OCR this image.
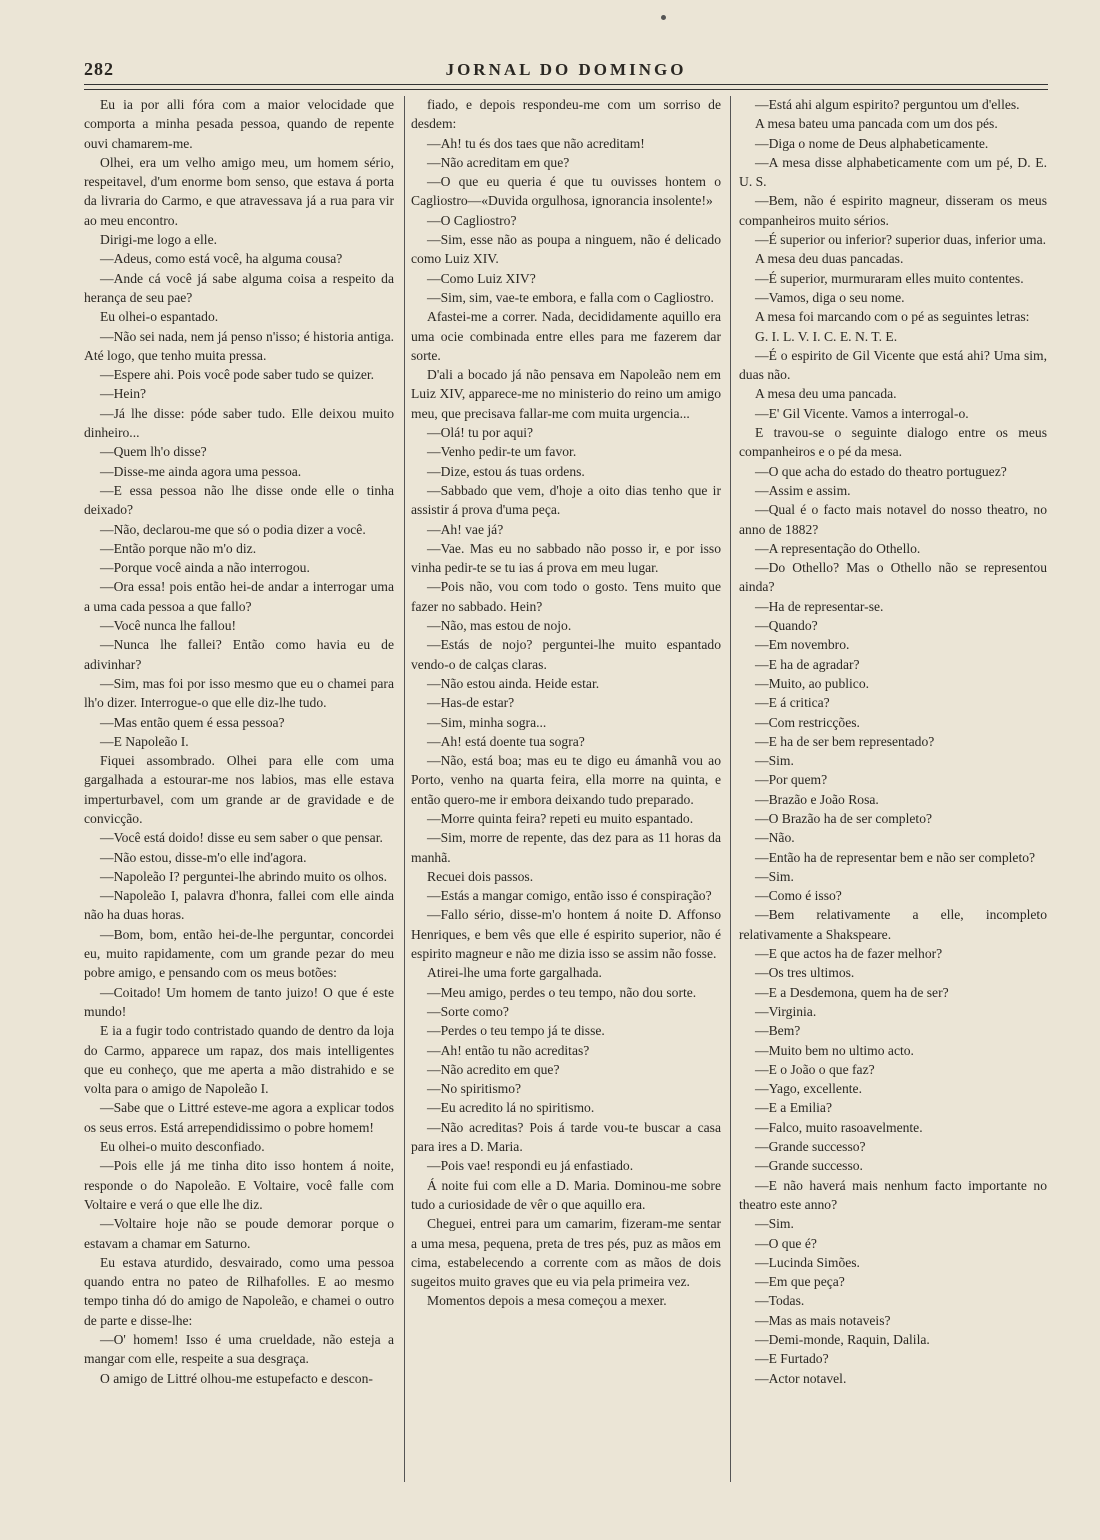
282	JORNAL DO DOMINGO

Eu ia por alli fóra com a maior velocidade que comporta a minha pesada pessoa, quando de repente ouvi chamarem-me.

Olhei, era um velho amigo meu, um homem sério, respeitavel, d'um enorme bom senso, que estava á porta da livraria do Carmo, e que atravessava já a rua para vir ao meu encontro.

Dirigi-me logo a elle.

—Adeus, como está você, ha alguma cousa?

—Ande cá você já sabe alguma coisa a respeito da herança de seu pae?

Eu olhei-o espantado.

—Não sei nada, nem já penso n'isso; é historia antiga. Até logo, que tenho muita pressa.

—Espere ahi. Pois você pode saber tudo se quizer.

—Hein?

—Já lhe disse: póde saber tudo. Elle deixou muito dinheiro...

—Quem lh'o disse?

—Disse-me ainda agora uma pessoa.

—E essa pessoa não lhe disse onde elle o tinha deixado?

—Não, declarou-me que só o podia dizer a você.

—Então porque não m'o diz.

—Porque você ainda a não interrogou.

—Ora essa! pois então hei-de andar a interrogar uma a uma cada pessoa a que fallo?

—Você nunca lhe fallou!

—Nunca lhe fallei? Então como havia eu de adivinhar?

—Sim, mas foi por isso mesmo que eu o chamei para lh'o dizer. Interrogue-o que elle diz-lhe tudo.

—Mas então quem é essa pessoa?

—E Napoleão I.

Fiquei assombrado. Olhei para elle com uma gargalhada a estourar-me nos labios, mas elle estava imperturbavel, com um grande ar de gravidade e de convicção.

—Você está doido! disse eu sem saber o que pensar.

—Não estou, disse-m'o elle ind'agora.

—Napoleão I? perguntei-lhe abrindo muito os olhos.

—Napoleão I, palavra d'honra, fallei com elle ainda não ha duas horas.

—Bom, bom, então hei-de-lhe perguntar, concordei eu, muito rapidamente, com um grande pezar do meu pobre amigo, e pensando com os meus botões:

—Coitado! Um homem de tanto juizo! O que é este mundo!

E ia a fugir todo contristado quando de dentro da loja do Carmo, apparece um rapaz, dos mais intelligentes que eu conheço, que me aperta a mão distrahido e se volta para o amigo de Napoleão I.

—Sabe que o Littré esteve-me agora a explicar todos os seus erros. Está arrependidissimo o pobre homem!

Eu olhei-o muito desconfiado.

—Pois elle já me tinha dito isso hontem á noite, responde o do Napoleão. E Voltaire, você falle com Voltaire e verá o que elle lhe diz.

—Voltaire hoje não se poude demorar porque o estavam a chamar em Saturno.

Eu estava aturdido, desvairado, como uma pessoa quando entra no pateo de Rilhafolles. E ao mesmo tempo tinha dó do amigo de Napoleão, e chamei o outro de parte e disse-lhe:

—O' homem! Isso é uma crueldade, não esteja a mangar com elle, respeite a sua desgraça.

O amigo de Littré olhou-me estupefacto e descon-

fiado, e depois respondeu-me com um sorriso de desdem:

—Ah! tu és dos taes que não acreditam!

—Não acreditam em que?

—O que eu queria é que tu ouvisses hontem o Cagliostro—«Duvida orgulhosa, ignorancia insolente!»

—O Cagliostro?

—Sim, esse não as poupa a ninguem, não é delicado como Luiz XIV.

—Como Luiz XIV?

—Sim, sim, vae-te embora, e falla com o Cagliostro.

Afastei-me a correr. Nada, decididamente aquillo era uma ocie combinada entre elles para me fazerem dar sorte.

D'ali a bocado já não pensava em Napoleão nem em Luiz XIV, apparece-me no ministerio do reino um amigo meu, que precisava fallar-me com muita urgencia...

—Olá! tu por aqui?

—Venho pedir-te um favor.

—Dize, estou ás tuas ordens.

—Sabbado que vem, d'hoje a oito dias tenho que ir assistir á prova d'uma peça.

—Ah! vae já?

—Vae. Mas eu no sabbado não posso ir, e por isso vinha pedir-te se tu ias á prova em meu lugar.

—Pois não, vou com todo o gosto. Tens muito que fazer no sabbado. Hein?

—Não, mas estou de nojo.

—Estás de nojo? perguntei-lhe muito espantado vendo-o de calças claras.

—Não estou ainda. Heide estar.

—Has-de estar?

—Sim, minha sogra...

—Ah! está doente tua sogra?

—Não, está boa; mas eu te digo eu ámanhã vou ao Porto, venho na quarta feira, ella morre na quinta, e então quero-me ir embora deixando tudo preparado.

—Morre quinta feira? repeti eu muito espantado.

—Sim, morre de repente, das dez para as 11 horas da manhã.

Recuei dois passos.

—Estás a mangar comigo, então isso é conspiração?

—Fallo sério, disse-m'o hontem á noite D. Affonso Henriques, e bem vês que elle é espirito superior, não é espirito magneur e não me dizia isso se assim não fosse.

Atirei-lhe uma forte gargalhada.

—Meu amigo, perdes o teu tempo, não dou sorte.

—Sorte como?

—Perdes o teu tempo já te disse.

—Ah! então tu não acreditas?

—Não acredito em que?

—No spiritismo?

—Eu acredito lá no spiritismo.

—Não acreditas? Pois á tarde vou-te buscar a casa para ires a D. Maria.

—Pois vae! respondi eu já enfastiado.

Á noite fui com elle a D. Maria. Dominou-me sobre tudo a curiosidade de vêr o que aquillo era.

Cheguei, entrei para um camarim, fizeram-me sentar a uma mesa, pequena, preta de tres pés, puz as mãos em cima, estabelecendo a corrente com as mãos de dois sugeitos muito graves que eu via pela primeira vez.

Momentos depois a mesa começou a mexer.

—Está ahi algum espirito? perguntou um d'elles.

A mesa bateu uma pancada com um dos pés.

—Diga o nome de Deus alphabeticamente.

—A mesa disse alphabeticamente com um pé, D. E. U. S.

—Bem, não é espirito magneur, disseram os meus companheiros muito sérios.

—É superior ou inferior? superior duas, inferior uma.

A mesa deu duas pancadas.

—É superior, murmuraram elles muito contentes.

—Vamos, diga o seu nome.

A mesa foi marcando com o pé as seguintes letras:

G. I. L. V. I. C. E. N. T. E.

—É o espirito de Gil Vicente que está ahi? Uma sim, duas não.

A mesa deu uma pancada.

—E' Gil Vicente. Vamos a interrogal-o.

E travou-se o seguinte dialogo entre os meus companheiros e o pé da mesa.

—O que acha do estado do theatro portuguez?

—Assim e assim.

—Qual é o facto mais notavel do nosso theatro, no anno de 1882?

—A representação do Othello.

—Do Othello? Mas o Othello não se representou ainda?

—Ha de representar-se.

—Quando?

—Em novembro.

—E ha de agradar?

—Muito, ao publico.

—E á critica?

—Com restricções.

—E ha de ser bem representado?

—Sim.

—Por quem?

—Brazão e João Rosa.

—O Brazão ha de ser completo?

—Não.

—Então ha de representar bem e não ser completo?

—Sim.

—Como é isso?

—Bem relativamente a elle, incompleto relativamente a Shakspeare.

—E que actos ha de fazer melhor?

—Os tres ultimos.

—E a Desdemona, quem ha de ser?

—Virginia.

—Bem?

—Muito bem no ultimo acto.

—E o João o que faz?

—Yago, excellente.

—E a Emilia?

—Falco, muito rasoavelmente.

—Grande successo?

—Grande successo.

—E não haverá mais nenhum facto importante no theatro este anno?

—Sim.

—O que é?

—Lucinda Simões.

—Em que peça?

—Todas.

—Mas as mais notaveis?

—Demi-monde, Raquin, Dalila.

—E Furtado?

—Actor notavel.
